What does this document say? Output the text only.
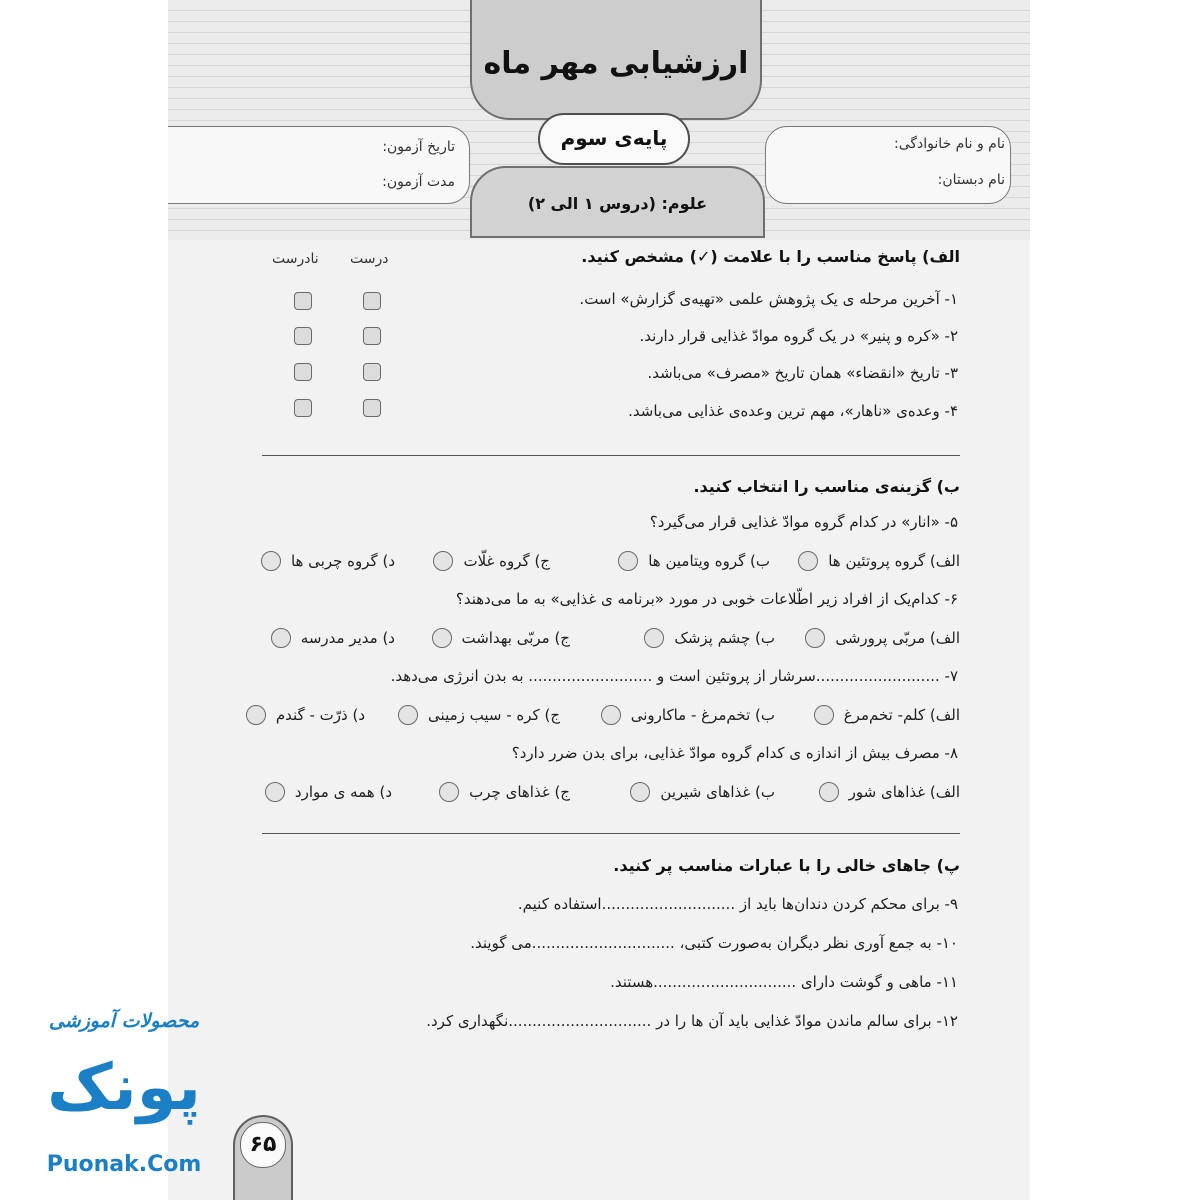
ارزشیابی مهر ماه
تاریخ آزمون:
مدت آزمون:
نام و نام خانوادگی:
نام دبستان:
علوم: (دروس ۱ الی ۲)
پایه‌ی سوم
الف) پاسخ مناسب را با علامت (✓) مشخص کنید.
درست
نادرست
۱- آخرین مرحله ی یک پژوهش علمی «تهیه‌ی گزارش» است.
۲- «کره و پنیر» در یک گروه موادّ غذایی قرار دارند.
۳- تاریخ «انقضاء» همان تاریخ «مصرف» می‌باشد.
۴- وعده‌ی «ناهار»، مهم ترین وعده‌ی غذایی می‌باشد.
ب) گزینه‌ی مناسب را انتخاب کنید.
۵- «انار» در کدام گروه موادّ غذایی قرار می‌گیرد؟
الف) گروه پروتئین ها
ب) گروه ویتامین ها
ج) گروه غلّات
د) گروه چربی ها
۶- کدام‌یک از افراد زیر اطّلاعات خوبی در مورد «برنامه ی غذایی» به ما می‌دهند؟
الف) مربّی پرورشی
ب) چشم پزشک
ج) مربّی بهداشت
د) مدیر مدرسه
۷- ..........................سرشار از پروتئین است و .......................... به بدن انرژی می‌دهد.
الف) کلم- تخم‌مرغ
ب) تخم‌مرغ - ماکارونی
ج) کره - سیب زمینی
د) ذرّت - گندم
۸- مصرف بیش از اندازه ی کدام گروه موادّ غذایی، برای بدن ضرر دارد؟
الف) غذاهای شور
ب) غذاهای شیرین
ج) غذاهای چرب
د) همه ی موارد
پ) جاهای خالی را با عبارات مناسب پر کنید.
۹- برای محکم کردن دندان‌ها باید از ............................استفاده کنیم.
۱۰- به جمع آوری نظر دیگران به‌صورت کتبی، ..............................می گویند.
۱۱- ماهی و گوشت دارای ..............................هستند.
۱۲- برای سالم ماندن موادّ غذایی باید آن ها را در ..............................نگهداری کرد.
۶۵
محصولات آموزشی
پونک
Puonak.Com
